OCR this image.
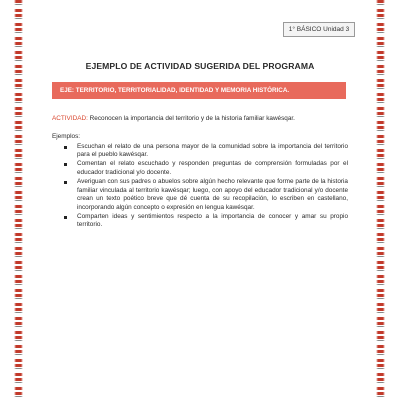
1° BÁSICO Unidad 3
EJEMPLO DE ACTIVIDAD SUGERIDA DEL PROGRAMA
EJE: TERRITORIO, TERRITORIALIDAD, IDENTIDAD Y MEMORIA HISTÓRICA.
ACTIVIDAD: Reconocen la importancia del territorio y de la historia familiar kawésqar.
Ejemplos:
Escuchan el relato de una persona mayor de la comunidad sobre la importancia del territorio para el pueblo kawésqar.
Comentan el relato escuchado y responden preguntas de comprensión formuladas por el educador tradicional y/o docente.
Averiguan con sus padres o abuelos sobre algún hecho relevante que forme parte de la historia familiar vinculada al territorio kawésqar; luego, con apoyo del educador tradicional y/o docente crean un texto poético breve que dé cuenta de su recopilación, lo escriben en castellano, incorporando algún concepto o expresión en lengua kawésqar.
Comparten ideas y sentimientos respecto a la importancia de conocer y amar su propio territorio.
